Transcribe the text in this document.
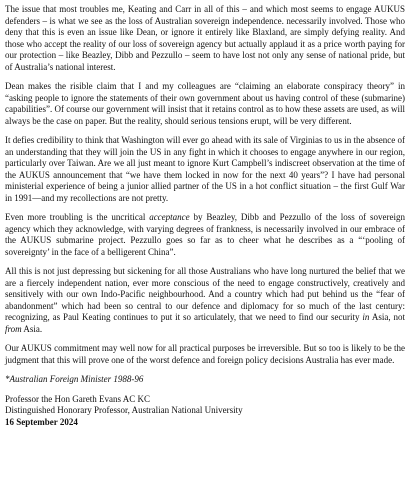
The issue that most troubles me, Keating and Carr in all of this – and which most seems to engage AUKUS defenders – is what we see as the loss of Australian sovereign independence. necessarily involved. Those who deny that this is even an issue like Dean, or ignore it entirely like Blaxland, are simply defying reality. And those who accept the reality of our loss of sovereign agency but actually applaud it as a price worth paying for our protection – like Beazley, Dibb and Pezzullo – seem to have lost not only any sense of national pride, but of Australia’s national interest.

Dean makes the risible claim that I and my colleagues are “claiming an elaborate conspiracy theory” in “asking people to ignore the statements of their own government about us having control of these (submarine) capabilities”. Of course our government will insist that it retains control as to how these assets are used, as will always be the case on paper. But the reality, should serious tensions erupt, will be very different.

It defies credibility to think that Washington will ever go ahead with its sale of Virginias to us in the absence of an understanding that they will join the US in any fight in which it chooses to engage anywhere in our region, particularly over Taiwan. Are we all just meant to ignore Kurt Campbell’s indiscreet observation at the time of the AUKUS announcement that “we have them locked in now for the next 40 years”? I have had personal ministerial experience of being a junior allied partner of the US in a hot conflict situation – the first Gulf War in 1991—and my recollections are not pretty.

Even more troubling is the uncritical acceptance by Beazley, Dibb and Pezzullo of the loss of sovereign agency which they acknowledge, with varying degrees of frankness, is necessarily involved in our embrace of the AUKUS submarine project. Pezzullo goes so far as to cheer what he describes as a “‘pooling of sovereignty’ in the face of a belligerent China”.

All this is not just depressing but sickening for all those Australians who have long nurtured the belief that we are a fiercely independent nation, ever more conscious of the need to engage constructively, creatively and sensitively with our own Indo-Pacific neighbourhood. And a country which had put behind us the “fear of abandonment” which had been so central to our defence and diplomacy for so much of the last century: recognizing, as Paul Keating continues to put it so articulately, that we need to find our security in Asia, not from Asia.

Our AUKUS commitment may well now for all practical purposes be irreversible. But so too is likely to be the judgment that this will prove one of the worst defence and foreign policy decisions Australia has ever made.

*Australian Foreign Minister 1988-96

Professor the Hon Gareth Evans AC KC

Distinguished Honorary Professor, Australian National University

16 September 2024
